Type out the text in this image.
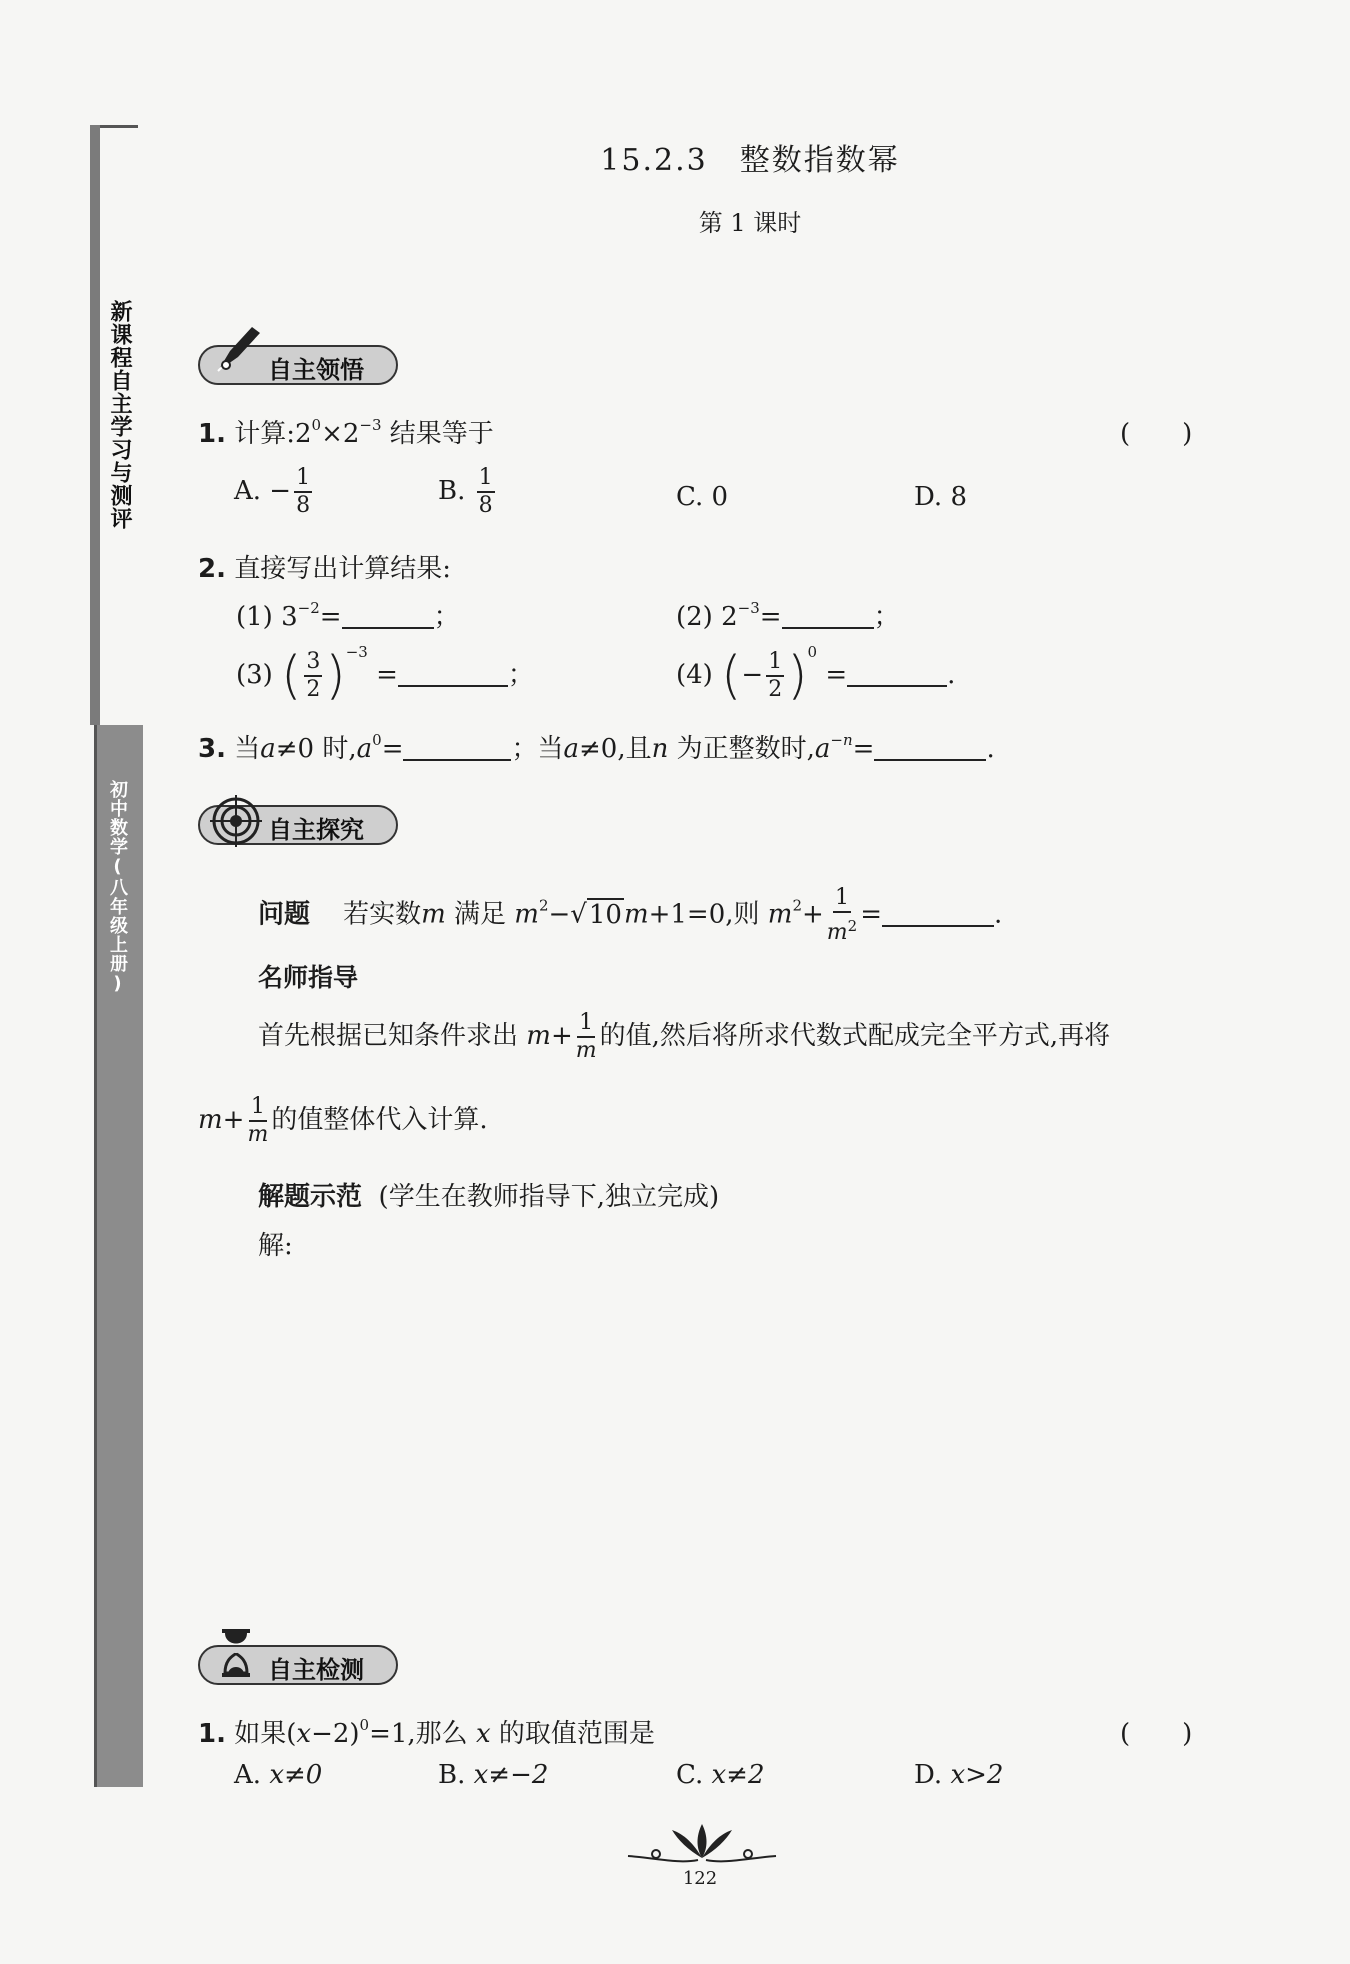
新课程自主学习与测评
初中数学(八年级上册)
15.2.3　整数指数幂
第 1 课时
自主领悟
1. 计算$:2^0\times 2^{-3}$ 结果等于	(　　)
A. − $\frac{1}{8}$	B. $\frac{1}{8}$	C. 0	D. 8
2. 直接写出计算结果:
(1) $3^{-2}=$	；	(2) $2^{-3}=$	；
(3) ( $\frac{3}{2} )^{-3}$ =	；	(4) (− $\frac{1}{2} )^0$ =	.
3. 当a≠0 时$,a^0=$	；当a≠0,且n 为正整数时$,a^{-n}=$	.
自主探究
问题 若实数m 满足 $m^2-√10m+1=0$,则 $m^2+ \frac{1}{m^2}$ =	.
名师指导
首先根据已知条件求出 $m+ \frac{1}{m}$ 的值,然后将所求代数式配成完全平方式,再将
$m+ \frac{1}{m}$ 的值整体代入计算.
解题示范 (学生在教师指导下,独立完成)
解:
自主检测
1. 如果$(x-2)^0=1$,那么 x 的取值范围是	(　　)
A. x≠0	B. x≠−2	C. x≠2	D. x>2
122
